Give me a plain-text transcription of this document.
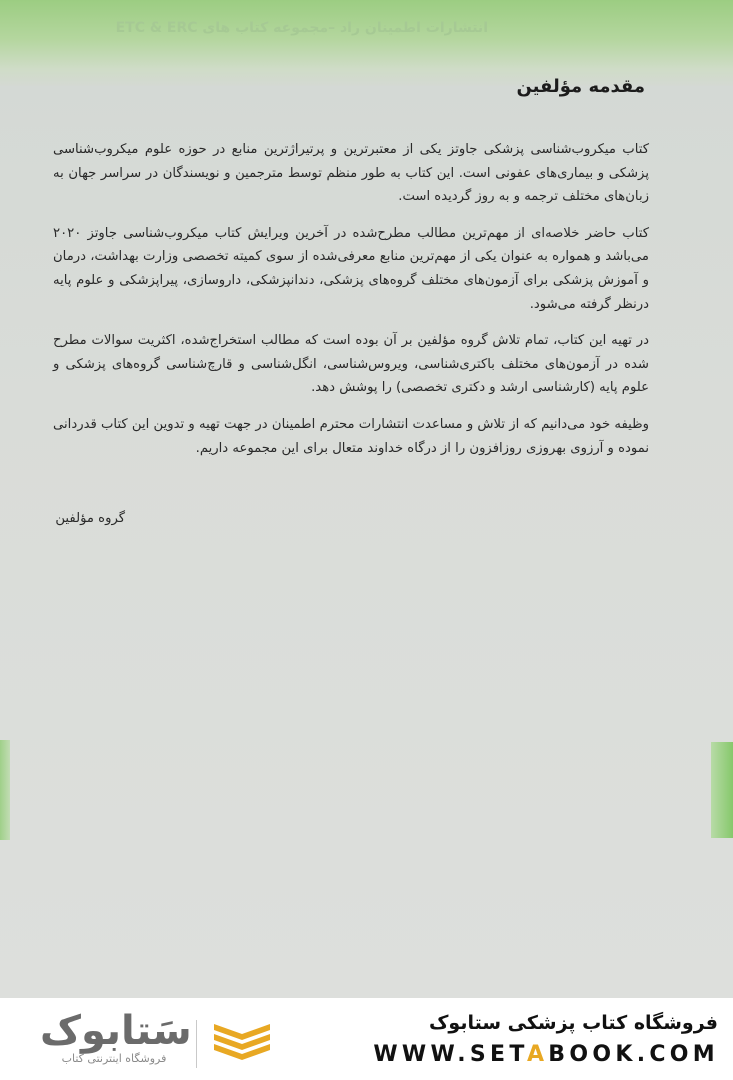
انتشارات اطمینان راد –مجموعه کتاب های ETC & ERC
مقدمه مؤلفین

کتاب میکروب‌شناسی پزشکی جاوتز یکی از معتبرترین و پرتیراژترین منابع در حوزه علوم میکروب‌شناسی پزشکی و بیماری‌های عفونی است. این کتاب به طور منظم توسط مترجمین و نویسندگان در سراسر جهان به زبان‌های مختلف ترجمه و به روز گردیده است.

کتاب حاضر خلاصه‌ای از مهم‌ترین مطالب مطرح‌شده در آخرین ویرایش کتاب میکروب‌شناسی جاوتز ۲۰۲۰ می‌باشد و همواره به عنوان یکی از مهم‌ترین منابع معرفی‌شده از سوی کمیته تخصصی وزارت بهداشت، درمان و آموزش پزشکی برای آزمون‌های مختلف گروه‌های پزشکی، دندانپزشکی، داروسازی، پیراپزشکی و علوم پایه درنظر گرفته می‌شود.

در تهیه این کتاب، تمام تلاش گروه مؤلفین بر آن بوده است که مطالب استخراج‌شده، اکثریت سوالات مطرح شده در آزمون‌های مختلف باکتری‌شناسی، ویروس‌شناسی، انگل‌شناسی و قارچ‌شناسی گروه‌های پزشکی و علوم پایه (کارشناسی ارشد و دکتری تخصصی) را پوشش دهد.

وظیفه خود می‌دانیم که از تلاش و مساعدت انتشارات محترم اطمینان در جهت تهیه و تدوین این کتاب قدردانی نموده و آرزوی بهروزی روزافزون را از درگاه خداوند متعال برای این مجموعه داریم.

گروه مؤلفین
سَتابوک
فروشگاه اینترنتی کتاب
فروشگاه کتاب پزشکی ستابوک
WWW.SETABOOK.COM
